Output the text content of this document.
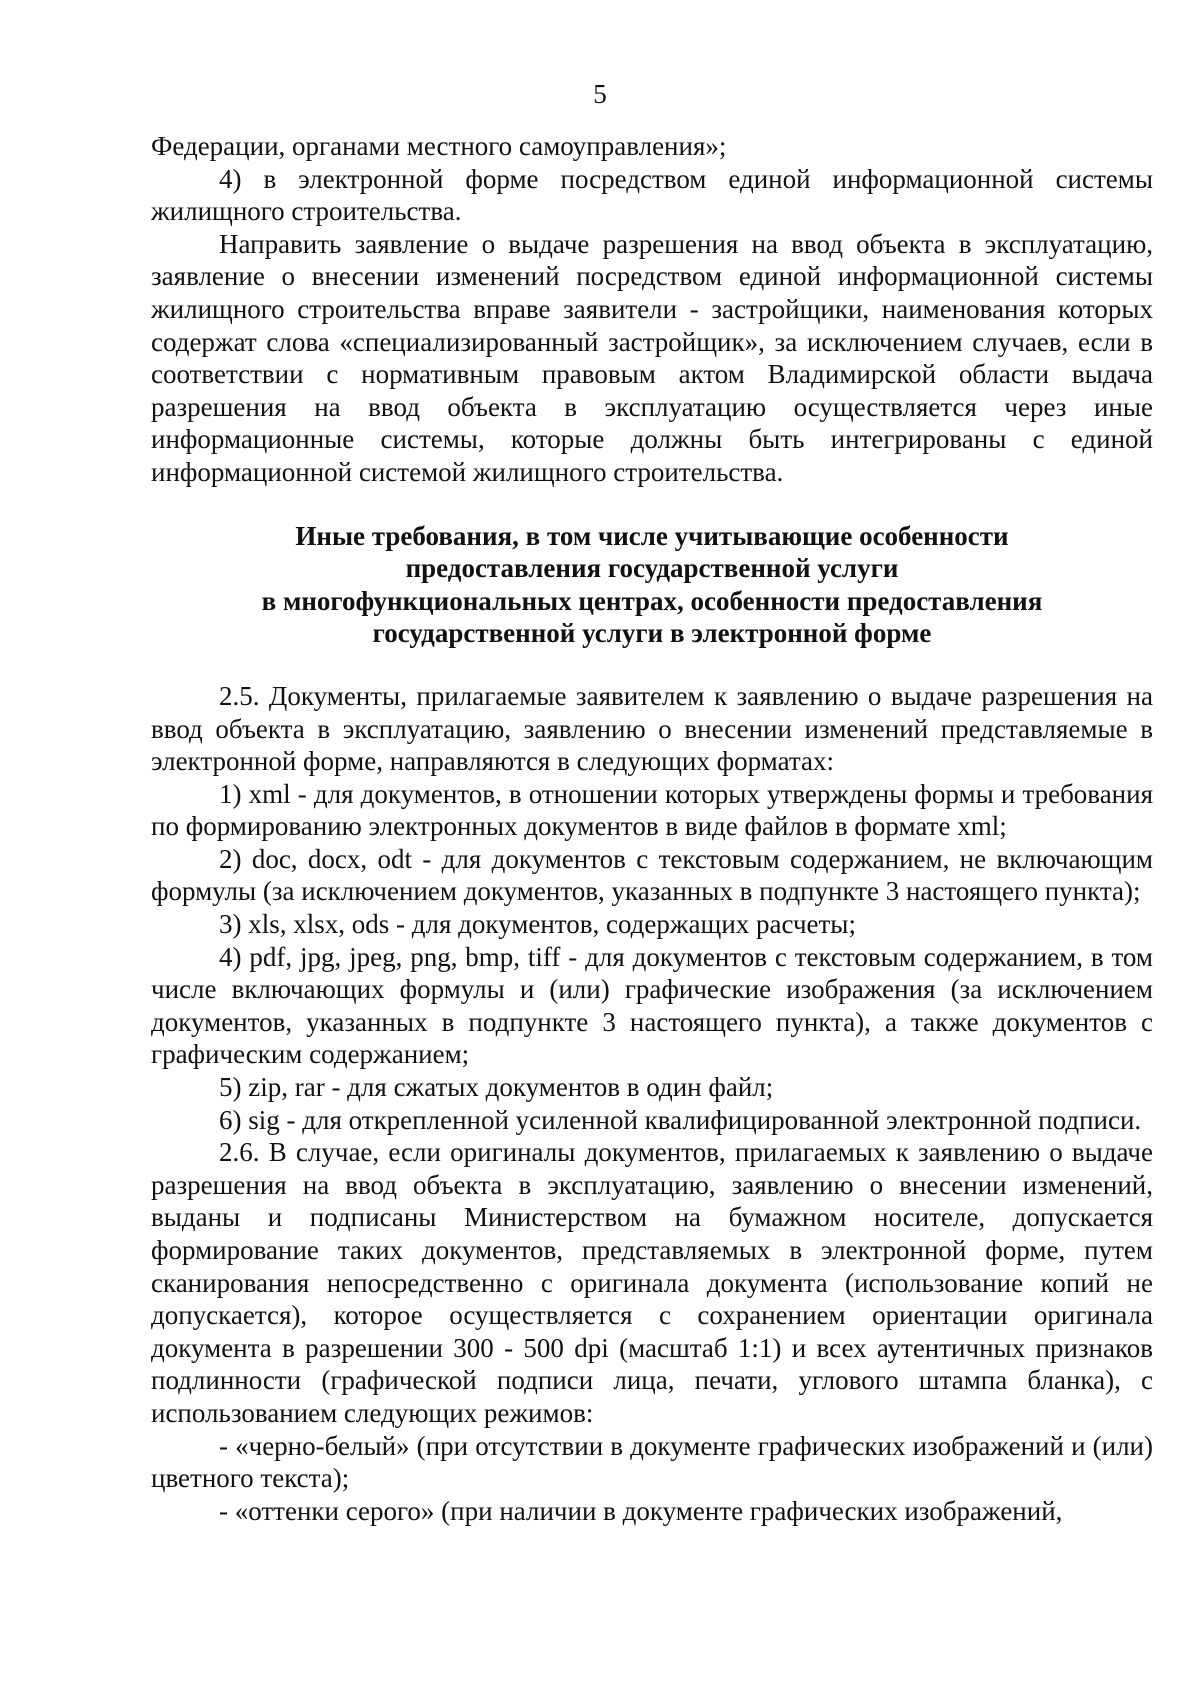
5

Федерации, органами местного самоуправления»;

4) в электронной форме посредством единой информационной системы жилищного строительства.

Направить заявление о выдаче разрешения на ввод объекта в эксплуатацию, заявление о внесении изменений посредством единой информационной системы жилищного строительства вправе заявители - застройщики, наименования которых содержат слова «специализированный застройщик», за исключением случаев, если в соответствии с нормативным правовым актом Владимирской области выдача разрешения на ввод объекта в эксплуатацию осуществляется через иные информационные системы, которые должны быть интегрированы с единой информационной системой жилищного строительства.

Иные требования, в том числе учитывающие особенности
предоставления государственной услуги
в многофункциональных центрах, особенности предоставления
государственной услуги в электронной форме

2.5. Документы, прилагаемые заявителем к заявлению о выдаче разрешения на ввод объекта в эксплуатацию, заявлению о внесении изменений представляемые в электронной форме, направляются в следующих форматах:

1) xml - для документов, в отношении которых утверждены формы и требования по формированию электронных документов в виде файлов в формате xml;

2) doc, docx, odt - для документов с текстовым содержанием, не включающим формулы (за исключением документов, указанных в подпункте 3 настоящего пункта);

3) xls, xlsx, ods - для документов, содержащих расчеты;

4) pdf, jpg, jpeg, png, bmp, tiff - для документов с текстовым содержанием, в том числе включающих формулы и (или) графические изображения (за исключением документов, указанных в подпункте 3 настоящего пункта), а также документов с графическим содержанием;

5) zip, rar - для сжатых документов в один файл;

6) sig - для открепленной усиленной квалифицированной электронной подписи.

2.6. В случае, если оригиналы документов, прилагаемых к заявлению о выдаче разрешения на ввод объекта в эксплуатацию, заявлению о внесении изменений, выданы и подписаны Министерством на бумажном носителе, допускается формирование таких документов, представляемых в электронной форме, путем сканирования непосредственно с оригинала документа (использование копий не допускается), которое осуществляется с сохранением ориентации оригинала документа в разрешении 300 - 500 dpi (масштаб 1:1) и всех аутентичных признаков подлинности (графической подписи лица, печати, углового штампа бланка), с использованием следующих режимов:

- «черно-белый» (при отсутствии в документе графических изображений и (или) цветного текста);

- «оттенки серого» (при наличии в документе графических изображений,
